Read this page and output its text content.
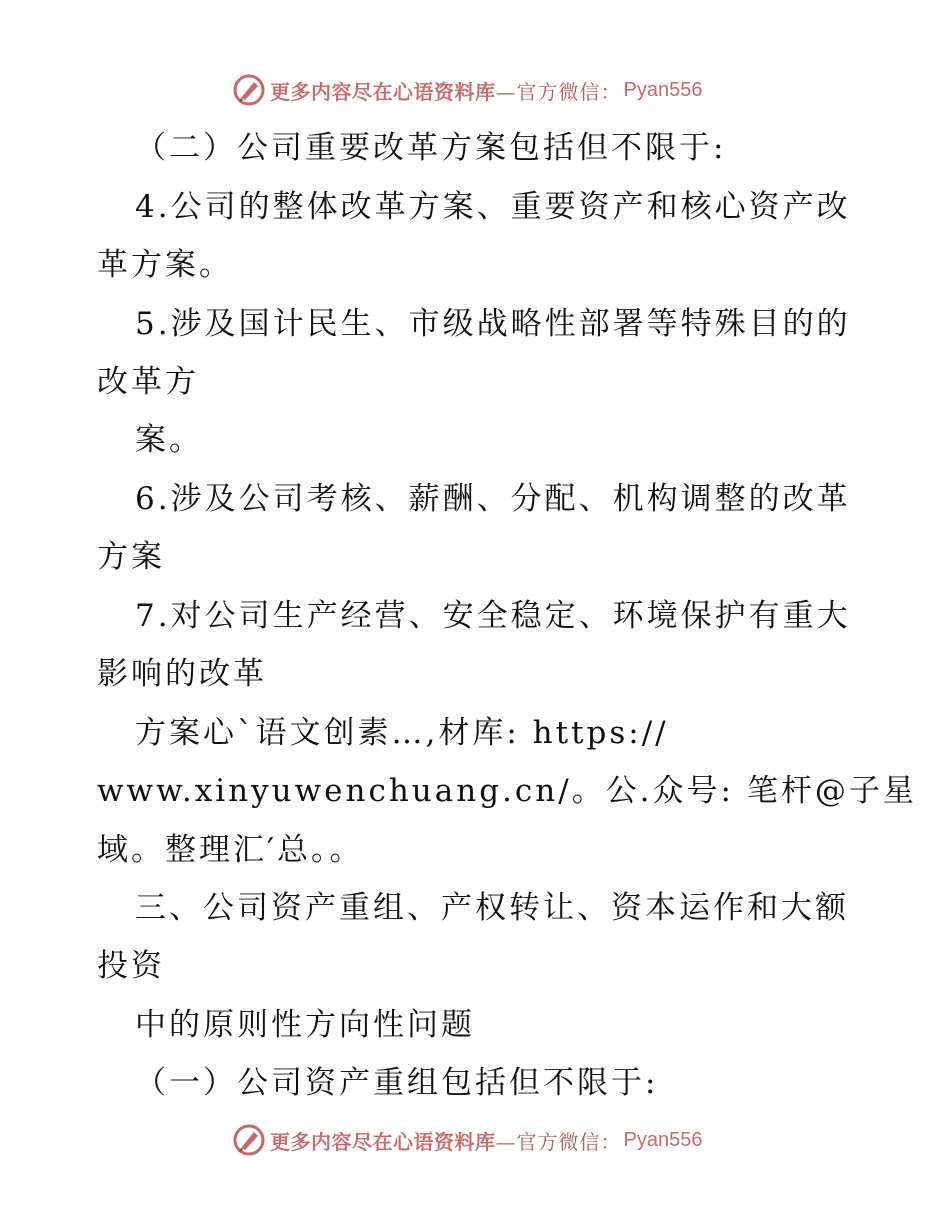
更多内容尽在心语资料库 —官方微信： Pyan556
（二）公司重要改革方案包括但不限于:
4.公司的整体改革方案、重要资产和核心资产改
革方案。
5.涉及国计民生、市级战略性部署等特殊目的的
改革方
案。
6.涉及公司考核、薪酬、分配、机构调整的改革
方案
7.对公司生产经营、安全稳定、环境保护有重大
影响的改革
方案心`语文创素…,材库: https://
www.xinyuwenchuang.cn/。公.众号: 笔杆@子星
域。整理汇′总。。
三、公司资产重组、产权转让、资本运作和大额
投资
中的原则性方向性问题
（一）公司资产重组包括但不限于:
更多内容尽在心语资料库 —官方微信： Pyan556
